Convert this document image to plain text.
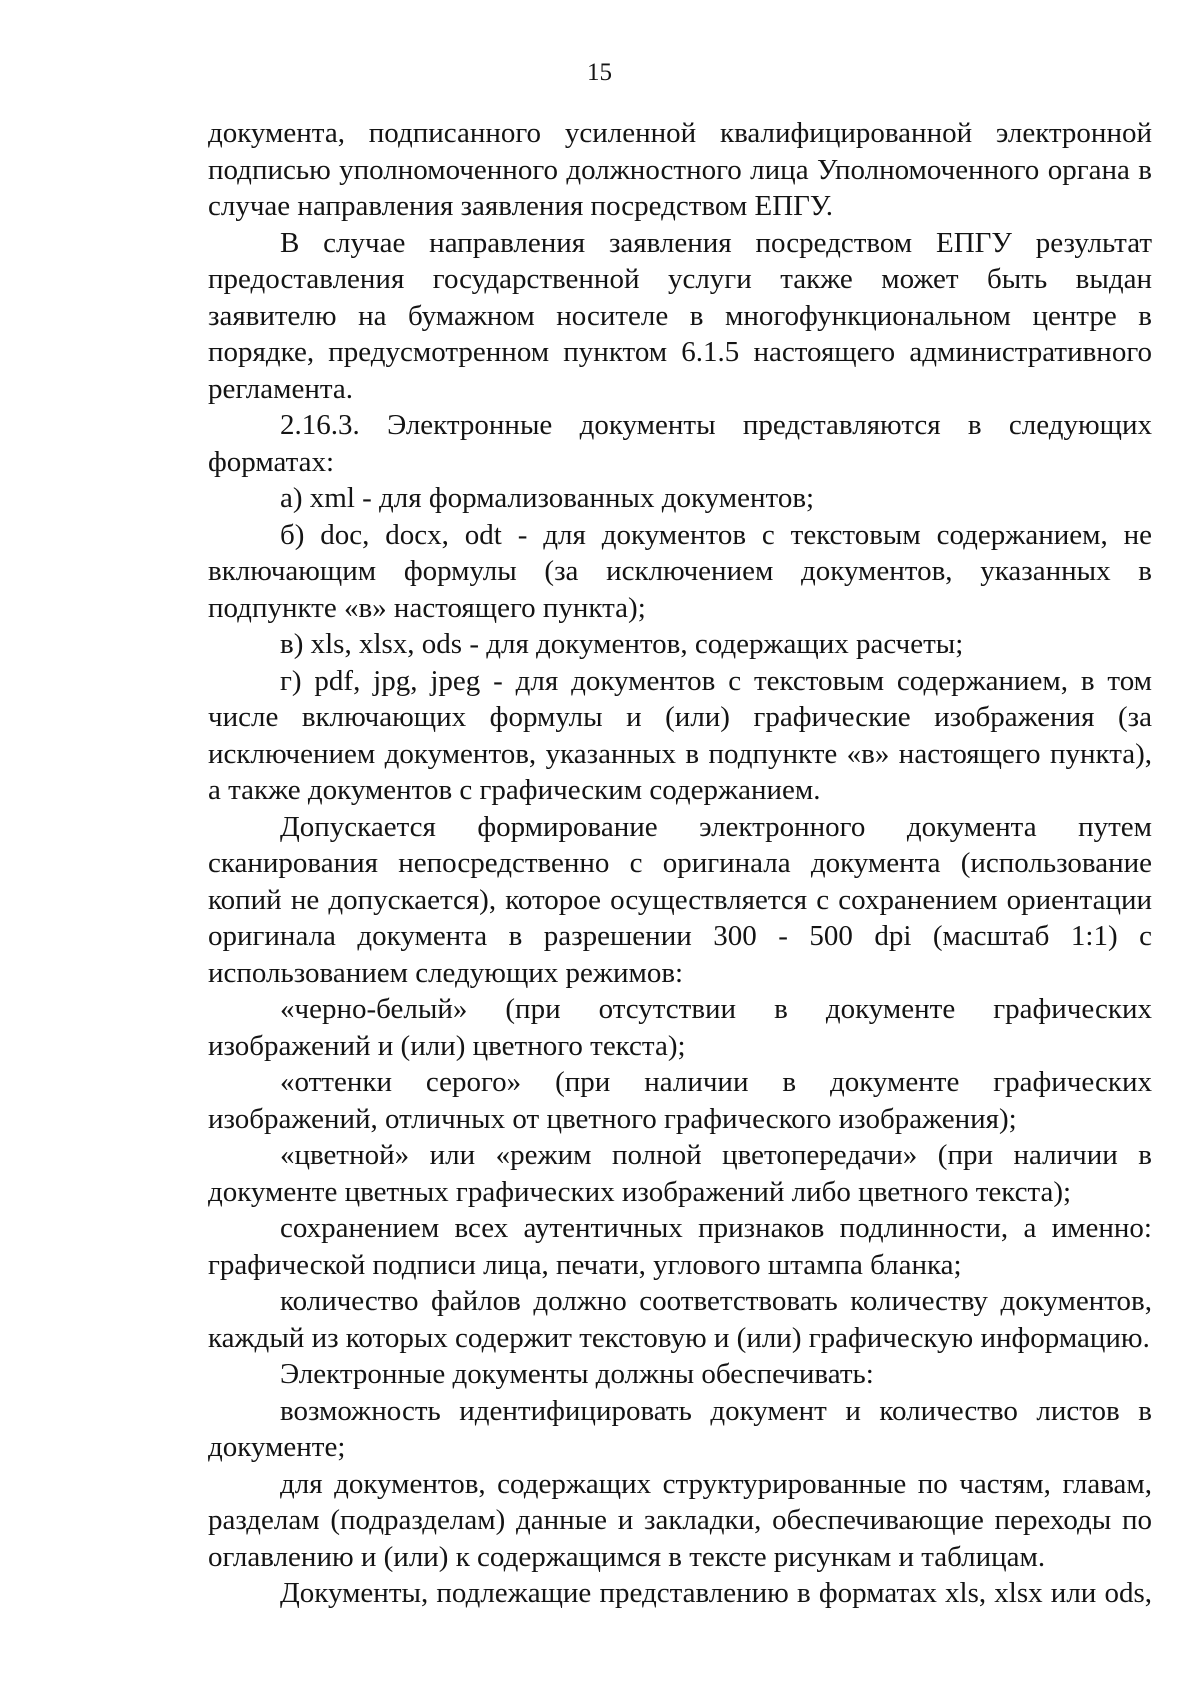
15

документа, подписанного усиленной квалифицированной электронной подписью уполномоченного должностного лица Уполномоченного органа в случае направления заявления посредством ЕПГУ.

В случае направления заявления посредством ЕПГУ результат предоставления государственной услуги также может быть выдан заявителю на бумажном носителе в многофункциональном центре в порядке, предусмотренном пунктом 6.1.5 настоящего административного регламента.

2.16.3. Электронные документы представляются в следующих форматах:

а) xml - для формализованных документов;

б) doc, docx, odt - для документов с текстовым содержанием, не включающим формулы (за исключением документов, указанных в подпункте «в» настоящего пункта);

в) xls, xlsx, ods - для документов, содержащих расчеты;

г) pdf, jpg, jpeg - для документов с текстовым содержанием, в том числе включающих формулы и (или) графические изображения (за исключением документов, указанных в подпункте «в» настоящего пункта), а также документов с графическим содержанием.

Допускается формирование электронного документа путем сканирования непосредственно с оригинала документа (использование копий не допускается), которое осуществляется с сохранением ориентации оригинала документа в разрешении 300 - 500 dpi (масштаб 1:1) с использованием следующих режимов:

«черно-белый» (при отсутствии в документе графических изображений и (или) цветного текста);

«оттенки серого» (при наличии в документе графических изображений, отличных от цветного графического изображения);

«цветной» или «режим полной цветопередачи» (при наличии в документе цветных графических изображений либо цветного текста);

сохранением всех аутентичных признаков подлинности, а именно: графической подписи лица, печати, углового штампа бланка;

количество файлов должно соответствовать количеству документов, каждый из которых содержит текстовую и (или) графическую информацию.

Электронные документы должны обеспечивать:

возможность идентифицировать документ и количество листов в документе;

для документов, содержащих структурированные по частям, главам, разделам (подразделам) данные и закладки, обеспечивающие переходы по оглавлению и (или) к содержащимся в тексте рисункам и таблицам.

Документы, подлежащие представлению в форматах xls, xlsx или ods,
